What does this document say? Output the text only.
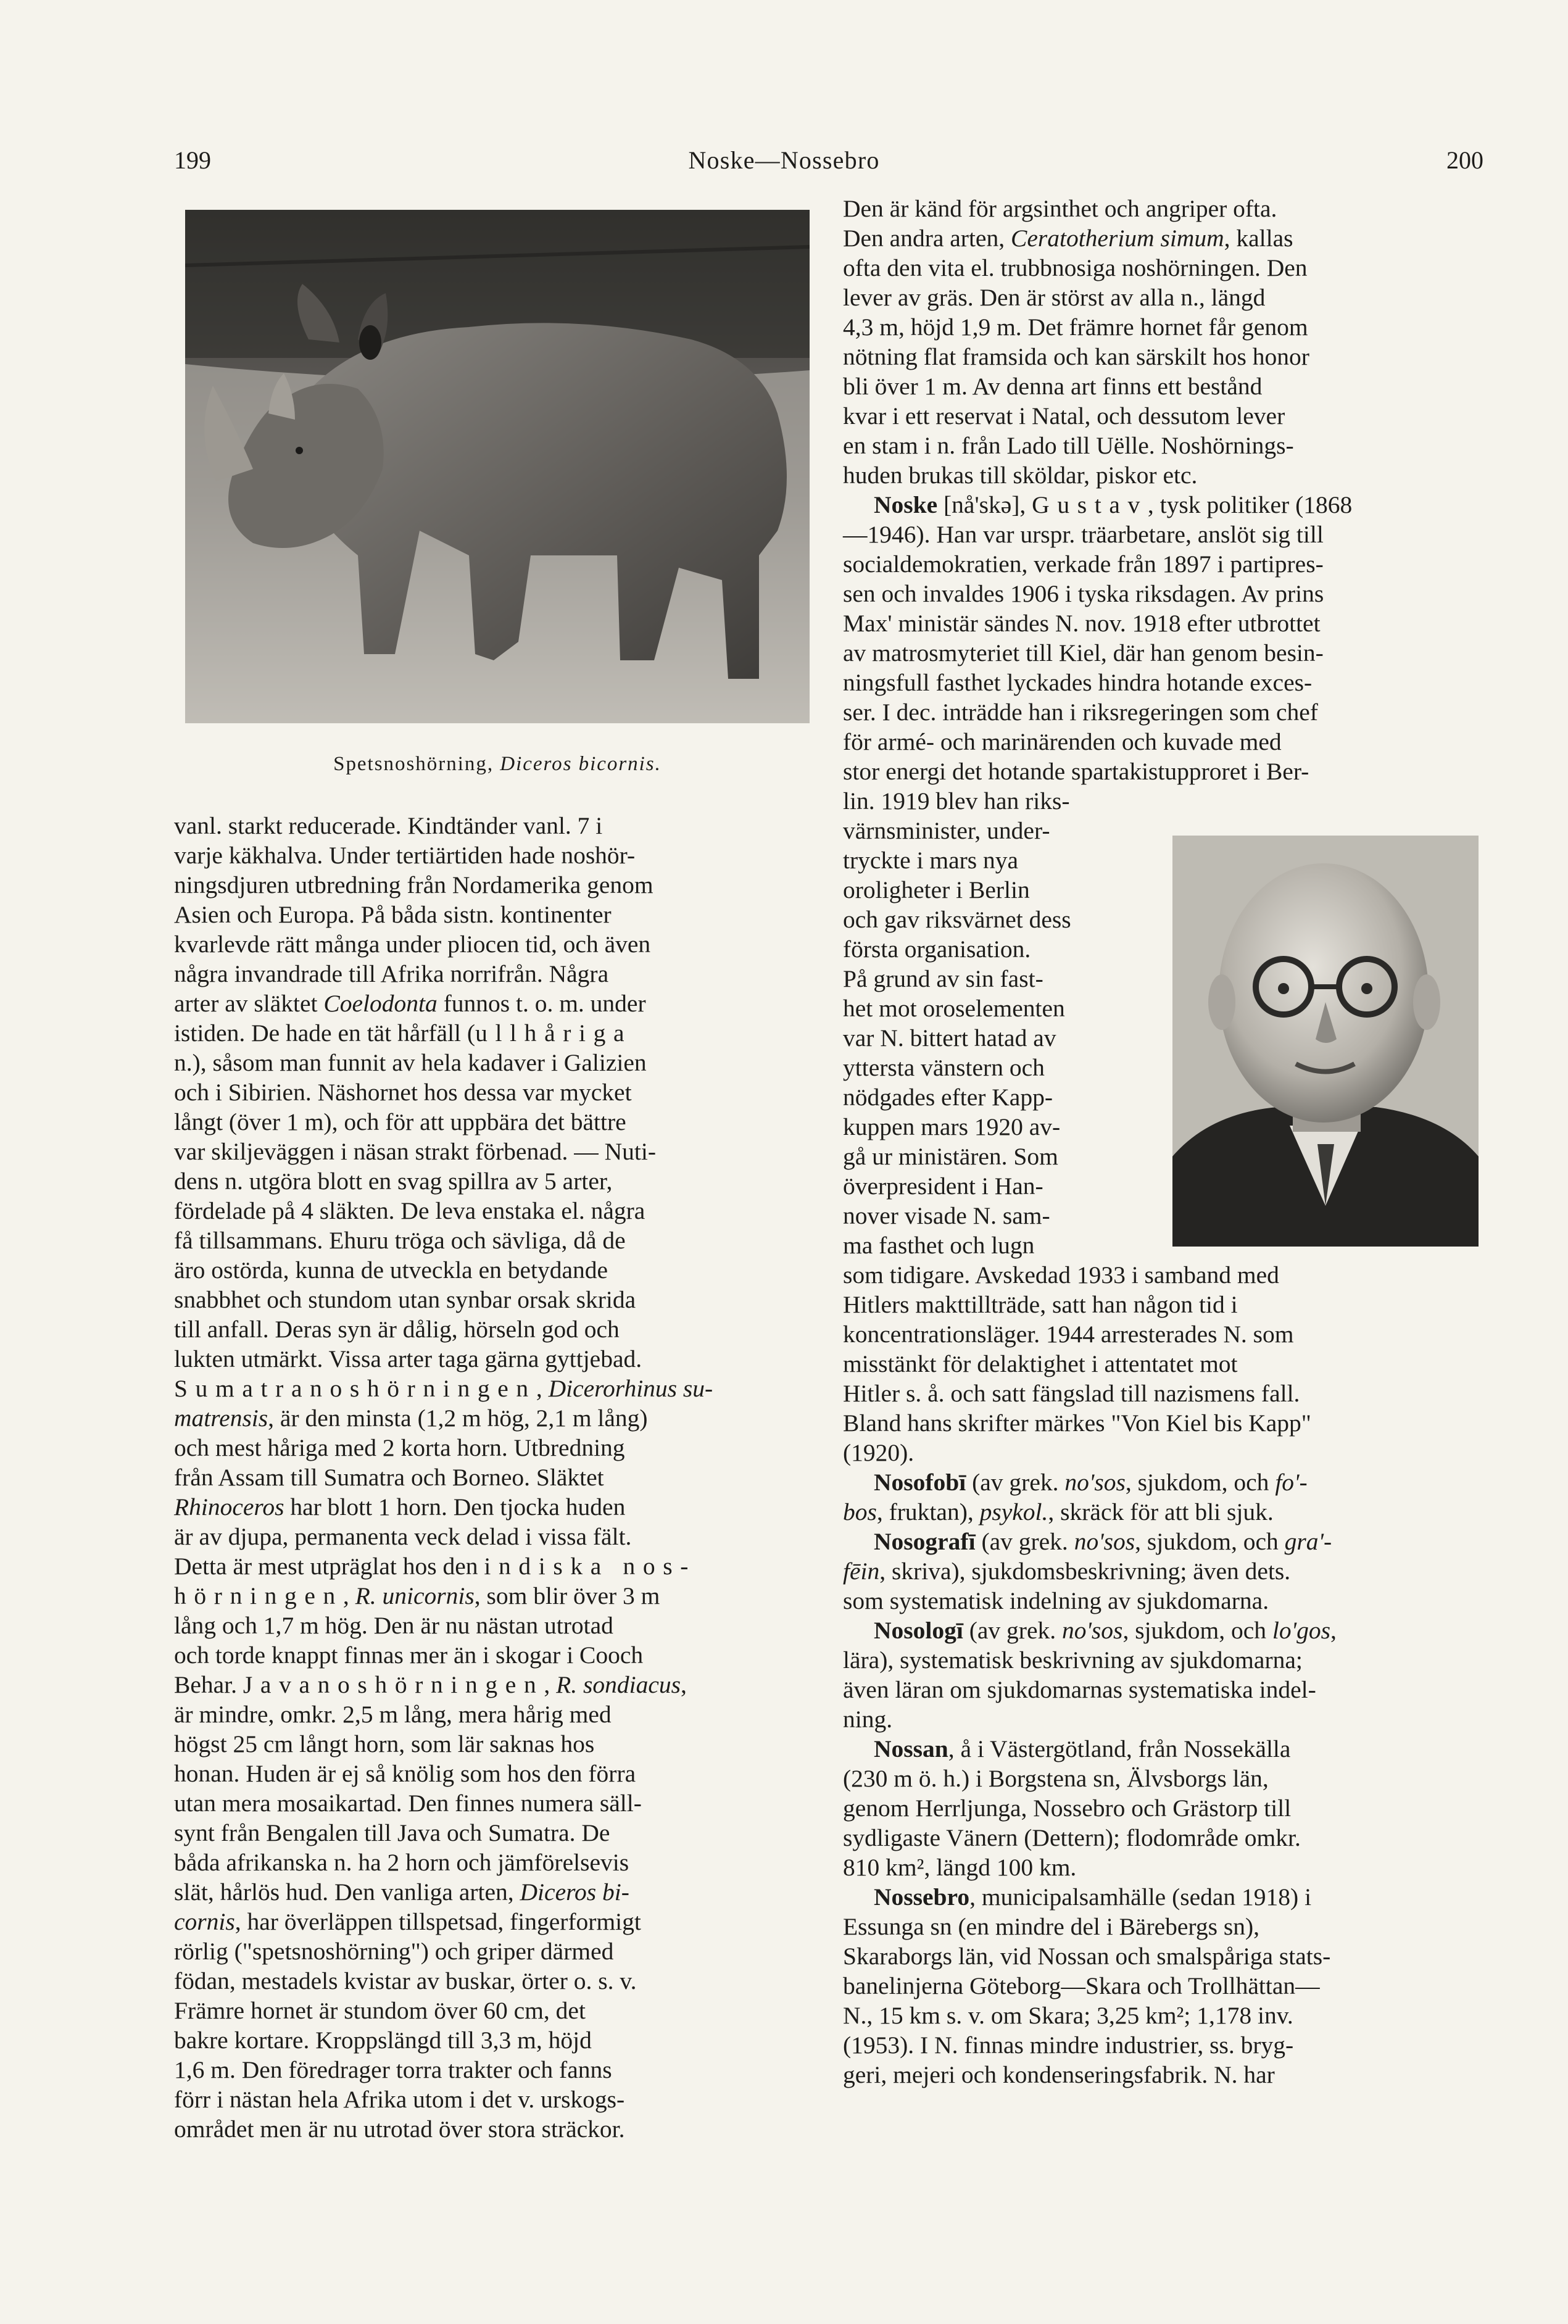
199	Noske—Nossebro	200
Spetsnoshörning, Diceros bicornis.

vanl. starkt reducerade. Kindtänder vanl. 7 i

varje käkhalva. Under tertiärtiden hade noshör-

ningsdjuren utbredning från Nordamerika genom

Asien och Europa. På båda sistn. kontinenter

kvarlevde rätt många under pliocen tid, och även

några invandrade till Afrika norrifrån. Några

arter av släktet Coelodonta funnos t. o. m. under

istiden. De hade en tät hårfäll (ullhåriga

n.), såsom man funnit av hela kadaver i Galizien

och i Sibirien. Näshornet hos dessa var mycket

långt (över 1 m), och för att uppbära det bättre

var skiljeväggen i näsan strakt förbenad. — Nuti-

dens n. utgöra blott en svag spillra av 5 arter,

fördelade på 4 släkten. De leva enstaka el. några

få tillsammans. Ehuru tröga och sävliga, då de

äro ostörda, kunna de utveckla en betydande

snabbhet och stundom utan synbar orsak skrida

till anfall. Deras syn är dålig, hörseln god och

lukten utmärkt. Vissa arter taga gärna gyttjebad.

Sumatranoshörningen, Dicerorhinus su-

matrensis, är den minsta (1,2 m hög, 2,1 m lång)

och mest håriga med 2 korta horn. Utbredning

från Assam till Sumatra och Borneo. Släktet

Rhinoceros har blott 1 horn. Den tjocka huden

är av djupa, permanenta veck delad i vissa fält.

Detta är mest utpräglat hos den indiska nos-

hörningen, R. unicornis, som blir över 3 m

lång och 1,7 m hög. Den är nu nästan utrotad

och torde knappt finnas mer än i skogar i Cooch

Behar. Javanoshörningen, R. sondiacus,

är mindre, omkr. 2,5 m lång, mera hårig med

högst 25 cm långt horn, som lär saknas hos

honan. Huden är ej så knölig som hos den förra

utan mera mosaikartad. Den finnes numera säll-

synt från Bengalen till Java och Sumatra. De

båda afrikanska n. ha 2 horn och jämförelsevis

slät, hårlös hud. Den vanliga arten, Diceros bi-

cornis, har överläppen tillspetsad, fingerformigt

rörlig ("spetsnoshörning") och griper därmed

födan, mestadels kvistar av buskar, örter o. s. v.

Främre hornet är stundom över 60 cm, det

bakre kortare. Kroppslängd till 3,3 m, höjd

1,6 m. Den föredrager torra trakter och fanns

förr i nästan hela Afrika utom i det v. urskogs-

området men är nu utrotad över stora sträckor.

Den är känd för argsinthet och angriper ofta.

Den andra arten, Ceratotherium simum, kallas

ofta den vita el. trubbnosiga noshörningen. Den

lever av gräs. Den är störst av alla n., längd

4,3 m, höjd 1,9 m. Det främre hornet får genom

nötning flat framsida och kan särskilt hos honor

bli över 1 m. Av denna art finns ett bestånd

kvar i ett reservat i Natal, och dessutom lever

en stam i n. från Lado till Uëlle. Noshörnings-

huden brukas till sköldar, piskor etc.

Noske [nå'skə], Gustav, tysk politiker (1868

—1946). Han var urspr. träarbetare, anslöt sig till

socialdemokratien, verkade från 1897 i partipres-

sen och invaldes 1906 i tyska riksdagen. Av prins

Max' ministär sändes N. nov. 1918 efter utbrottet

av matrosmyteriet till Kiel, där han genom besin-

ningsfull fasthet lyckades hindra hotande exces-

ser. I dec. inträdde han i riksregeringen som chef

för armé- och marinärenden och kuvade med

stor energi det hotande spartakistupproret i Ber-

lin. 1919 blev han riks-

värnsminister, under-

tryckte i mars nya

oroligheter i Berlin

och gav riksvärnet dess

första organisation.

På grund av sin fast-

het mot oroselementen

var N. bittert hatad av

yttersta vänstern och

nödgades efter Kapp-

kuppen mars 1920 av-

gå ur ministären. Som

överpresident i Han-

nover visade N. sam-

ma fasthet och lugn

som tidigare. Avskedad 1933 i samband med

Hitlers makttillträde, satt han någon tid i

koncentrationsläger. 1944 arresterades N. som

misstänkt för delaktighet i attentatet mot

Hitler s. å. och satt fängslad till nazismens fall.

Bland hans skrifter märkes "Von Kiel bis Kapp"

(1920).

Nosofobī (av grek. no'sos, sjukdom, och fo'-

bos, fruktan), psykol., skräck för att bli sjuk.

Nosografī (av grek. no'sos, sjukdom, och gra'-

fēin, skriva), sjukdomsbeskrivning; även dets.

som systematisk indelning av sjukdomarna.

Nosologī (av grek. no'sos, sjukdom, och lo'gos,

lära), systematisk beskrivning av sjukdomarna;

även läran om sjukdomarnas systematiska indel-

ning.

Nossan, å i Västergötland, från Nossekälla

(230 m ö. h.) i Borgstena sn, Älvsborgs län,

genom Herrljunga, Nossebro och Grästorp till

sydligaste Vänern (Dettern); flodområde omkr.

810 km², längd 100 km.

Nossebro, municipalsamhälle (sedan 1918) i

Essunga sn (en mindre del i Bärebergs sn),

Skaraborgs län, vid Nossan och smalspåriga stats-

banelinjerna Göteborg—Skara och Trollhättan—

N., 15 km s. v. om Skara; 3,25 km²; 1,178 inv.

(1953). I N. finnas mindre industrier, ss. bryg-

geri, mejeri och kondenseringsfabrik. N. har
